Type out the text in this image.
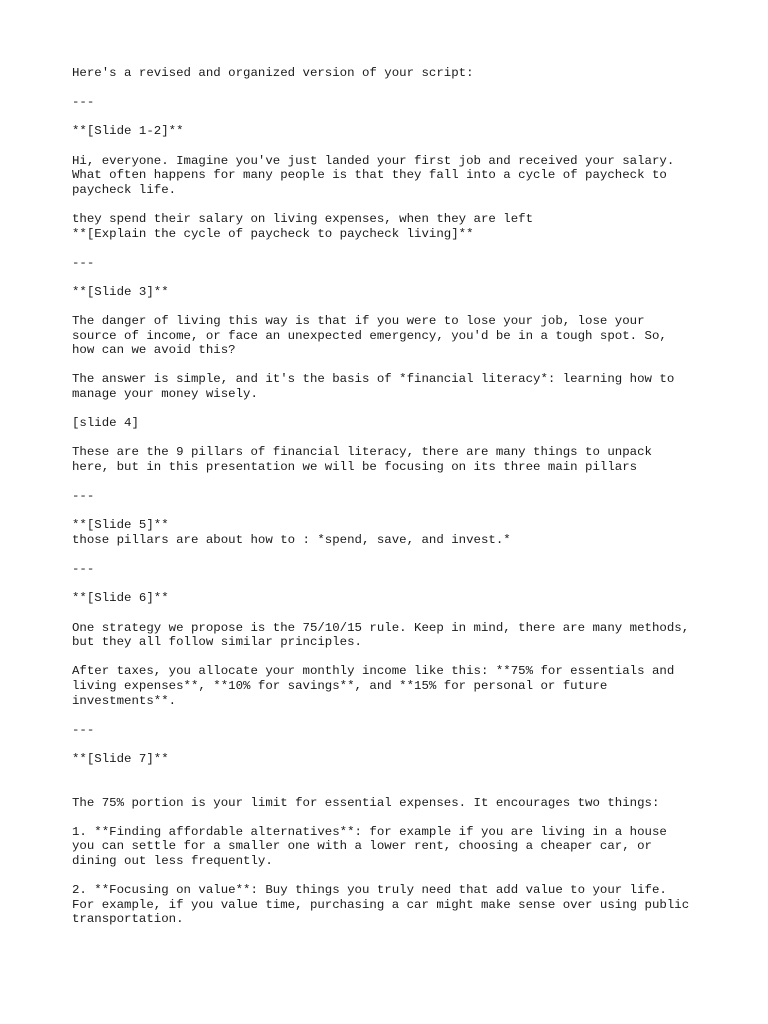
Here's a revised and organized version of your script:
---
**[Slide 1-2]**
Hi, everyone. Imagine you've just landed your first job and received your salary.
What often happens for many people is that they fall into a cycle of paycheck to
paycheck life.
they spend their salary on living expenses, when they are left
**[Explain the cycle of paycheck to paycheck living]**
---
**[Slide 3]**
The danger of living this way is that if you were to lose your job, lose your
source of income, or face an unexpected emergency, you'd be in a tough spot. So,
how can we avoid this?
The answer is simple, and it's the basis of *financial literacy*: learning how to
manage your money wisely.
[slide 4]
These are the 9 pillars of financial literacy, there are many things to unpack
here, but in this presentation we will be focusing on its three main pillars
---
**[Slide 5]**
those pillars are about how to : *spend, save, and invest.*
---
**[Slide 6]**
One strategy we propose is the 75/10/15 rule. Keep in mind, there are many methods,
but they all follow similar principles.
After taxes, you allocate your monthly income like this: **75% for essentials and
living expenses**, **10% for savings**, and **15% for personal or future
investments**.
---
**[Slide 7]**
The 75% portion is your limit for essential expenses. It encourages two things:
1. **Finding affordable alternatives**: for example if you are living in a house
you can settle for a smaller one with a lower rent, choosing a cheaper car, or
dining out less frequently.
2. **Focusing on value**: Buy things you truly need that add value to your life.
For example, if you value time, purchasing a car might make sense over using public
transportation.
